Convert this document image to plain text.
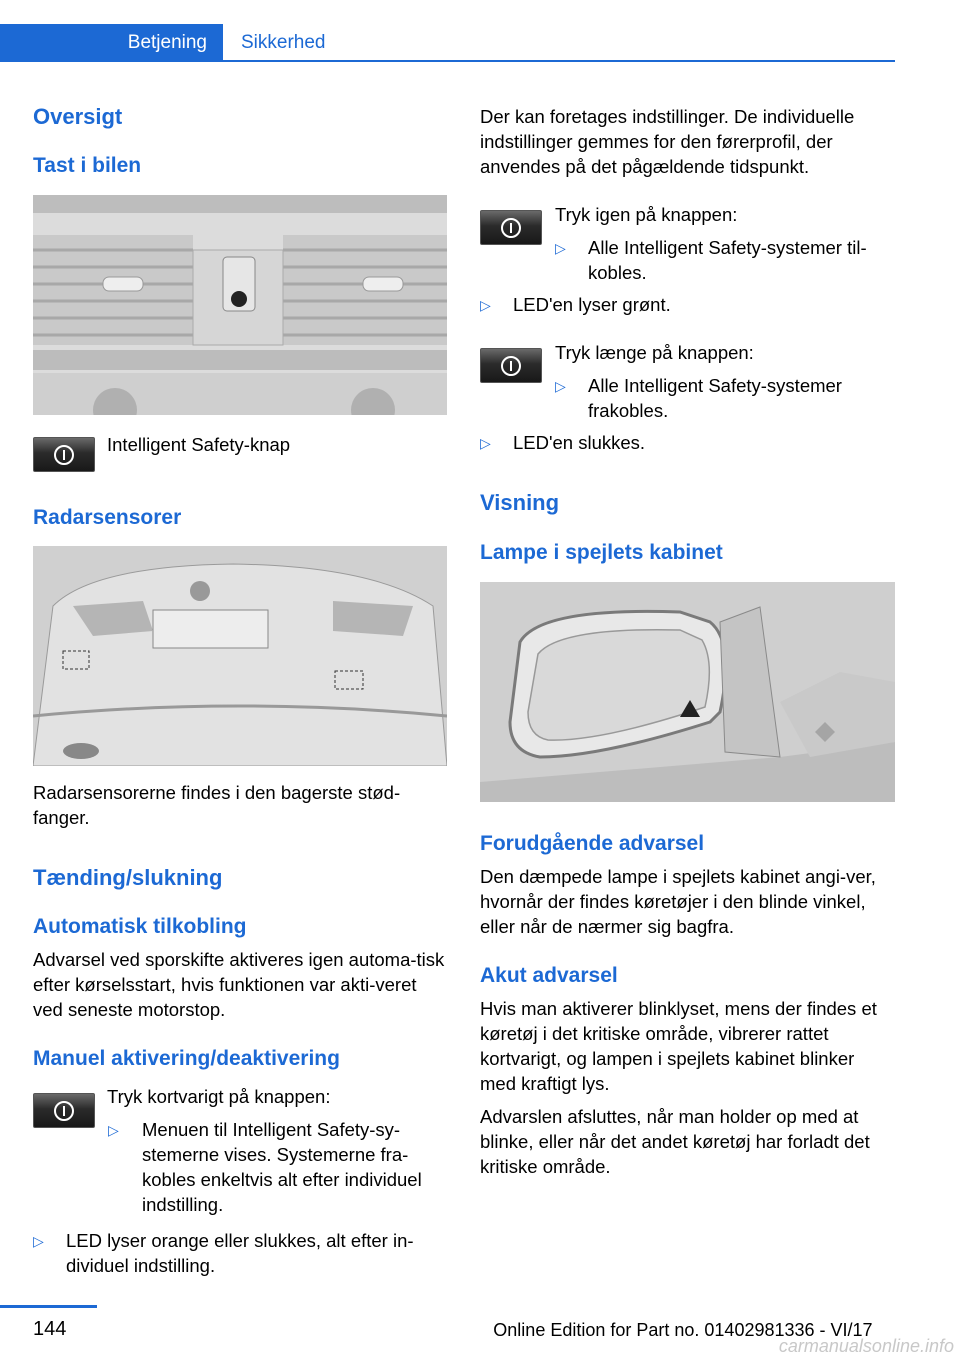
Betjening Sikkerhed
Oversigt
Tast i bilen
Intelligent Safety-knap
Radarsensorer
Radarsensorerne findes i den bagerste stød-fanger.
Tænding/slukning
Automatisk tilkobling
Advarsel ved sporskifte aktiveres igen automa-tisk efter kørselsstart, hvis funktionen var akti-veret ved seneste motorstop.
Manuel aktivering/deaktivering
Tryk kortvarigt på knappen:
▷ Menuen til Intelligent Safety-sy-stemerne vises. Systemerne fra-kobles enkeltvis alt efter individuel indstilling.
▷ LED lyser orange eller slukkes, alt efter in-dividuel indstilling.
Der kan foretages indstillinger. De individuelle indstillinger gemmes for den førerprofil, der anvendes på det pågældende tidspunkt.
Tryk igen på knappen:
▷ Alle Intelligent Safety-systemer til-kobles.
▷ LED'en lyser grønt.
Tryk længe på knappen:
▷ Alle Intelligent Safety-systemer frakobles.
▷ LED'en slukkes.
Visning
Lampe i spejlets kabinet
Forudgående advarsel
Den dæmpede lampe i spejlets kabinet angi-ver, hvornår der findes køretøjer i den blinde vinkel, eller når de nærmer sig bagfra.
Akut advarsel
Hvis man aktiverer blinklyset, mens der findes et køretøj i det kritiske område, vibrerer rattet kortvarigt, og lampen i spejlets kabinet blinker med kraftigt lys.
Advarslen afsluttes, når man holder op med at blinke, eller når det andet køretøj har forladt det kritiske område.
144	Online Edition for Part no. 01402981336 - VI/17
carmanualsonline.info
